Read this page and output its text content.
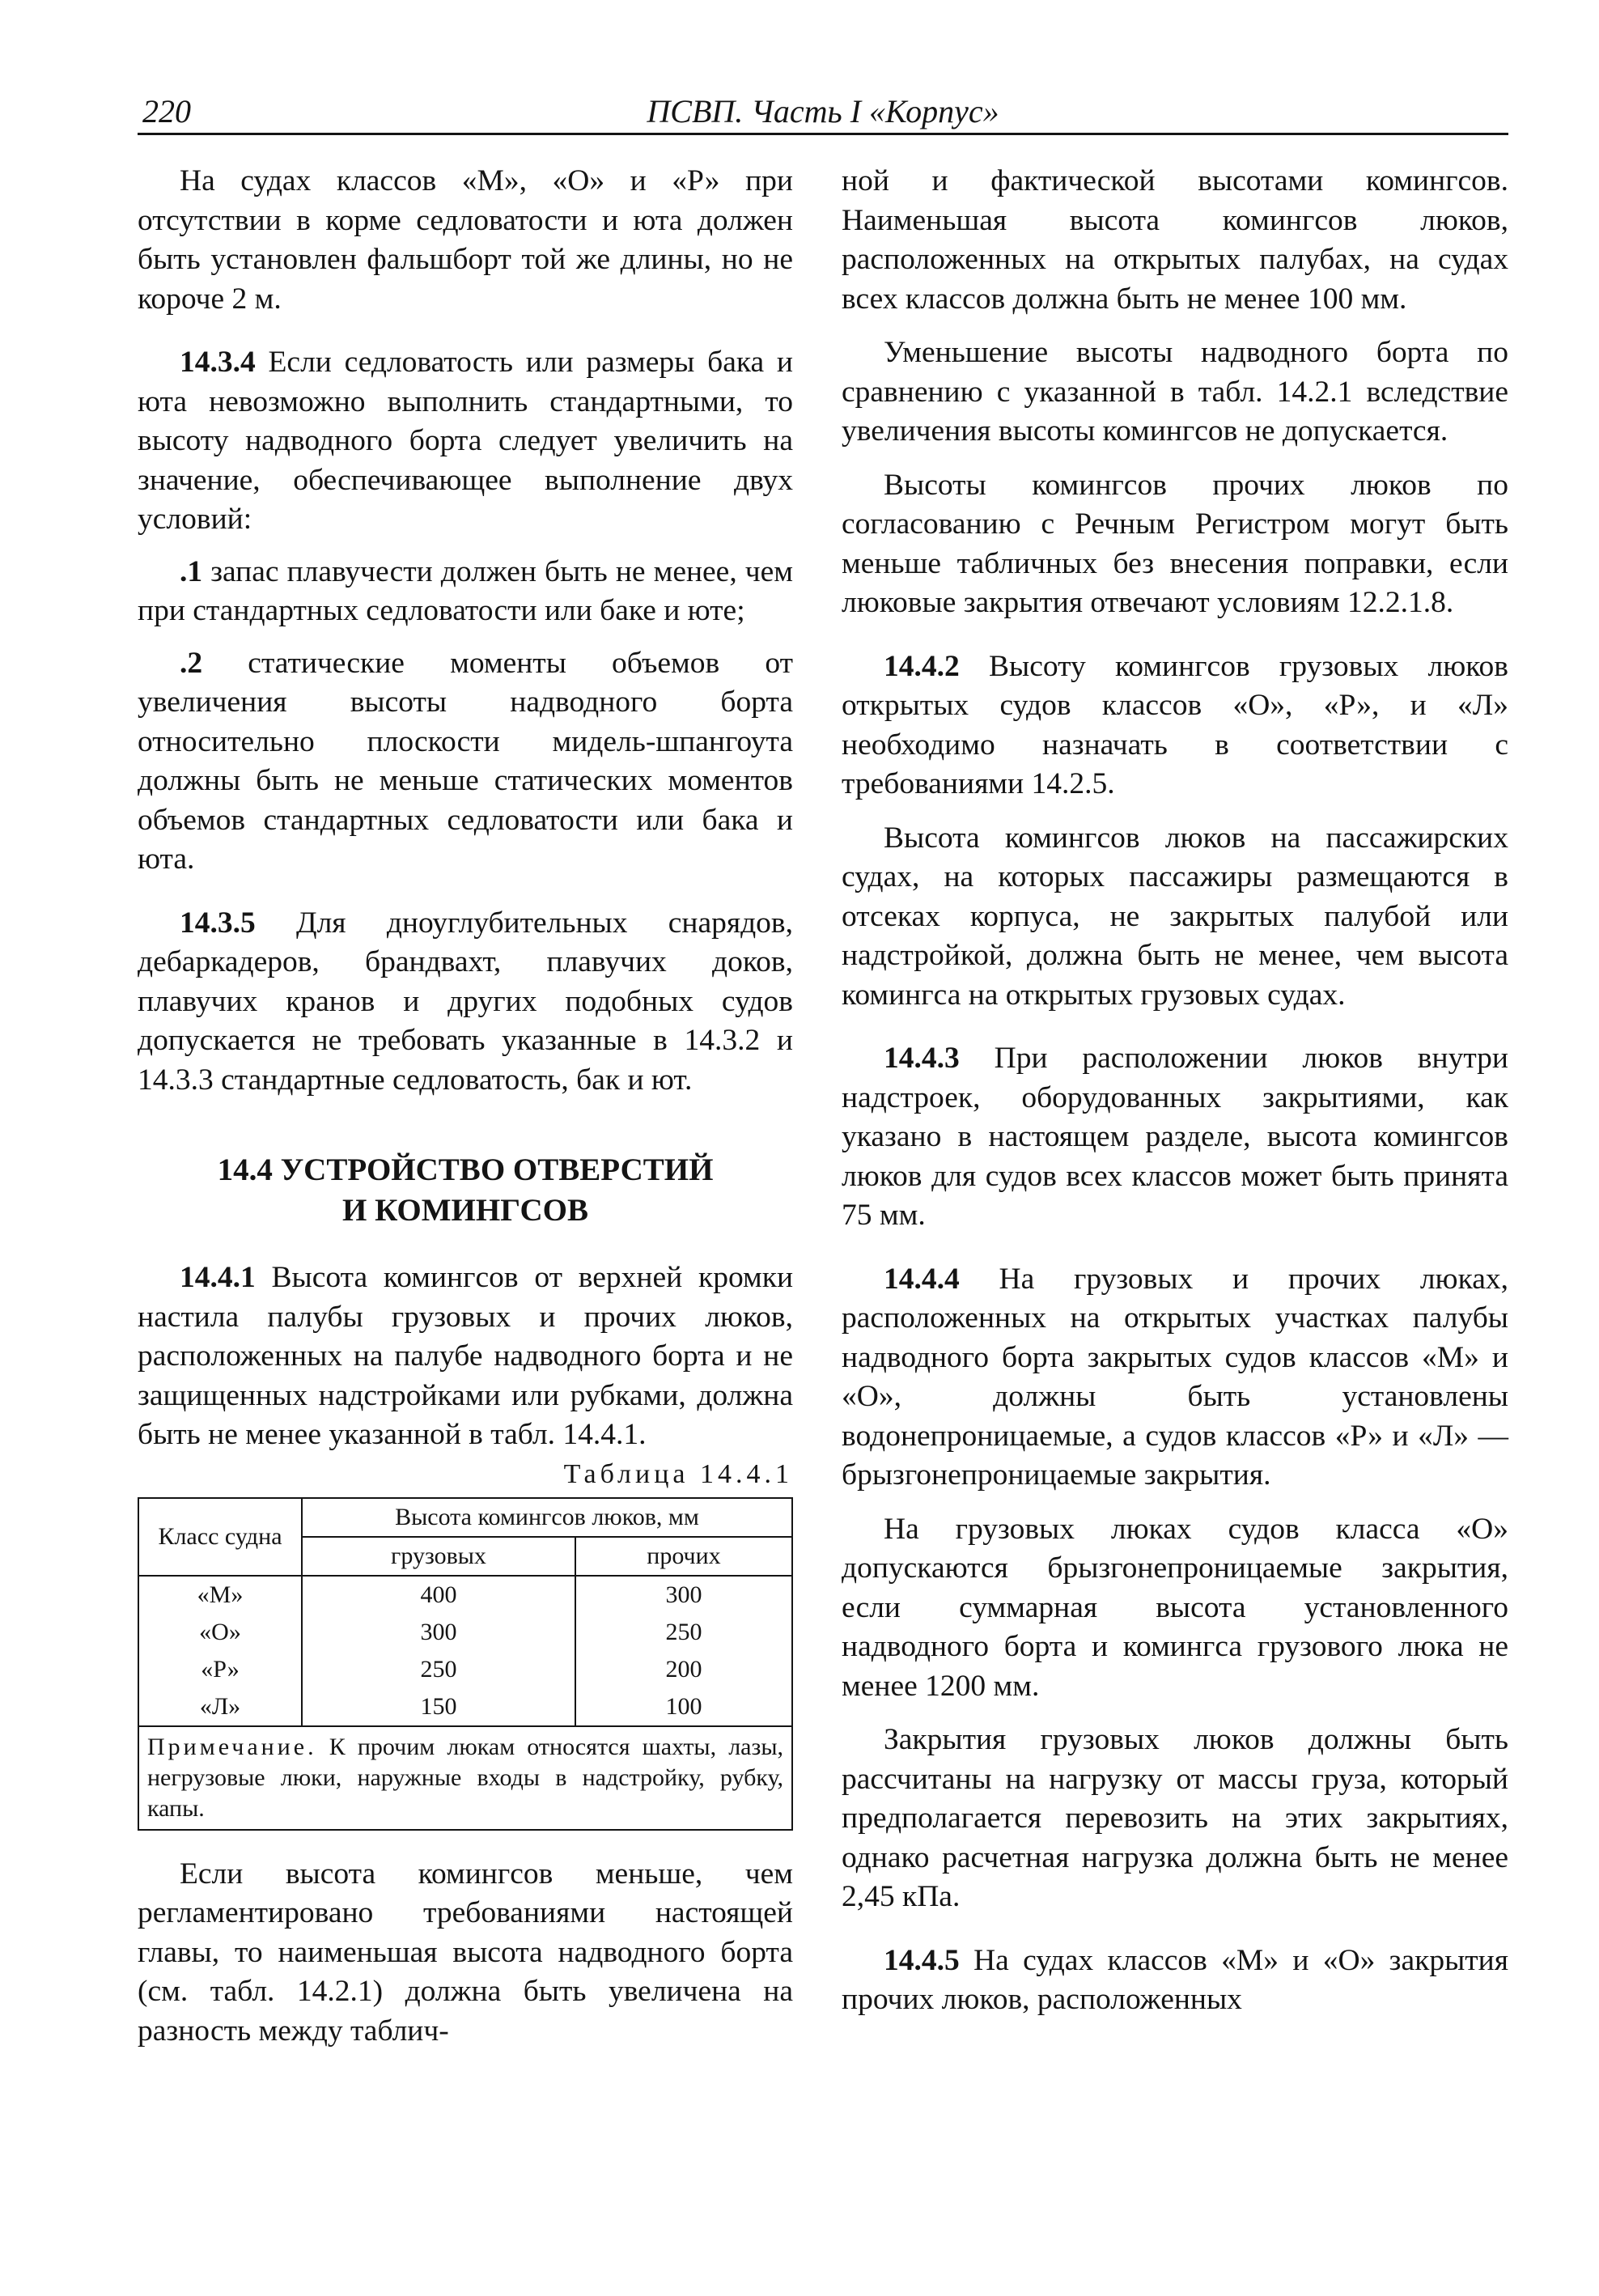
220	ПСВП. Часть I «Корпус»

На судах классов «М», «О» и «Р» при отсутствии в корме седловатости и юта должен быть установлен фальшборт той же длины, но не короче 2 м.

14.3.4 Если седловатость или размеры бака и юта невозможно выполнить стандартными, то высоту надводного борта следует увеличить на значение, обеспечивающее выполнение двух условий:

.1 запас плавучести должен быть не менее, чем при стандартных седловатости или баке и юте;

.2 статические моменты объемов от увеличения высоты надводного борта относительно плоскости мидель-шпангоута должны быть не меньше статических моментов объемов стандартных седловатости или бака и юта.

14.3.5 Для дноуглубительных снарядов, дебаркадеров, брандвахт, плавучих доков, плавучих кранов и других подобных судов допускается не требовать указанные в 14.3.2 и 14.3.3 стандартные седловатость, бак и ют.

14.4 УСТРОЙСТВО ОТВЕРСТИЙ
И КОМИНГСОВ

14.4.1 Высота комингсов от верхней кромки настила палубы грузовых и прочих люков, расположенных на палубе надводного борта и не защищенных надстройками или рубками, должна быть не менее указанной в табл. 14.4.1.

Таблица 14.4.1
Класс судна	Высота комингсов люков, мм	
	грузовых	прочих
«М»	400	300
«О»	300	250
«Р»	250	200
«Л»	150	100
Примечание. К прочим люкам относятся шахты, лазы, негрузовые люки, наружные входы в надстройку, рубку, капы.		

Если высота комингсов меньше, чем регламентировано требованиями настоящей главы, то наименьшая высота надводного борта (см. табл. 14.2.1) должна быть увеличена на разность между таблич-

ной и фактической высотами комингсов. Наименьшая высота комингсов люков, расположенных на открытых палубах, на судах всех классов должна быть не менее 100 мм.

Уменьшение высоты надводного борта по сравнению с указанной в табл. 14.2.1 вследствие увеличения высоты комингсов не допускается.

Высоты комингсов прочих люков по согласованию с Речным Регистром могут быть меньше табличных без внесения поправки, если люковые закрытия отвечают условиям 12.2.1.8.

14.4.2 Высоту комингсов грузовых люков открытых судов классов «О», «Р», и «Л» необходимо назначать в соответствии с требованиями 14.2.5.

Высота комингсов люков на пассажирских судах, на которых пассажиры размещаются в отсеках корпуса, не закрытых палубой или надстройкой, должна быть не менее, чем высота комингса на открытых грузовых судах.

14.4.3 При расположении люков внутри надстроек, оборудованных закрытиями, как указано в настоящем разделе, высота комингсов люков для судов всех классов может быть принята 75 мм.

14.4.4 На грузовых и прочих люках, расположенных на открытых участках палубы надводного борта закрытых судов классов «М» и «О», должны быть установлены водонепроницаемые, а судов классов «Р» и «Л» — брызгонепроницаемые закрытия.

На грузовых люках судов класса «О» допускаются брызгонепроницаемые закрытия, если суммарная высота установленного надводного борта и комингса грузового люка не менее 1200 мм.

Закрытия грузовых люков должны быть рассчитаны на нагрузку от массы груза, который предполагается перевозить на этих закрытиях, однако расчетная нагрузка должна быть не менее 2,45 кПа.

14.4.5 На судах классов «М» и «О» закрытия прочих люков, расположенных
